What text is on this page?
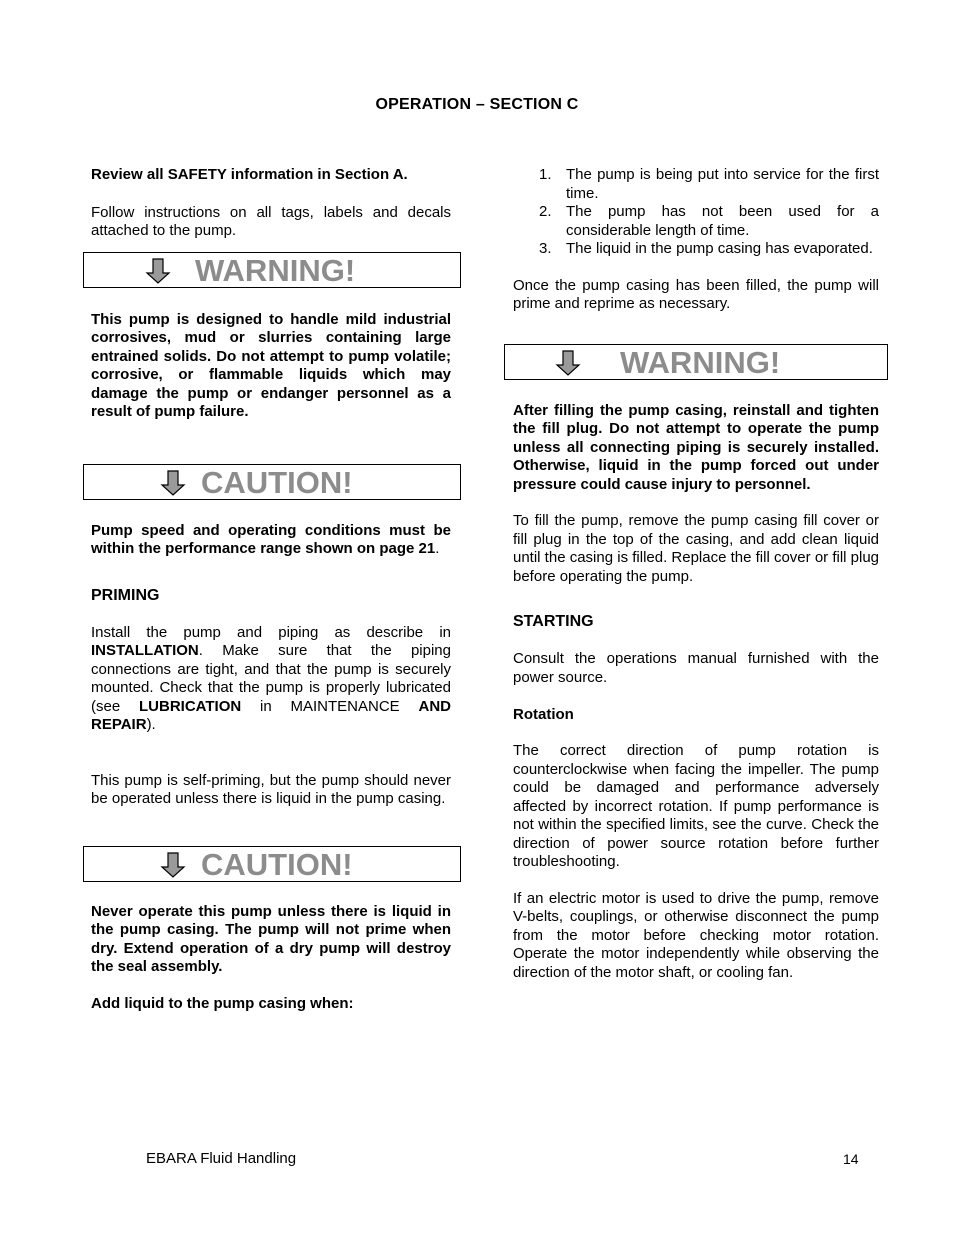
OPERATION – SECTION C

Review all SAFETY information in Section A.

Follow instructions on all tags, labels and decals attached to the pump.

WARNING!

This pump is designed to handle mild industrial corrosives, mud or slurries containing large entrained solids. Do not attempt to pump volatile; corrosive, or flammable liquids which may damage the pump or endanger personnel as a result of pump failure.

CAUTION!

Pump speed and operating conditions must be within the performance range shown on page 21.

PRIMING

Install the pump and piping as describe in INSTALLATION. Make sure that the piping connections are tight, and that the pump is securely mounted. Check that the pump is properly lubricated (see LUBRICATION in MAINTENANCE AND REPAIR).

This pump is self-priming, but the pump should never be operated unless there is liquid in the pump casing.

CAUTION!

Never operate this pump unless there is liquid in the pump casing. The pump will not prime when dry. Extend operation of a dry pump will destroy the seal assembly.

Add liquid to the pump casing when:

1. The pump is being put into service for the first time.
2. The pump has not been used for a considerable length of time.
3. The liquid in the pump casing has evaporated.

Once the pump casing has been filled, the pump will prime and reprime as necessary.

WARNING!

After filling the pump casing, reinstall and tighten the fill plug. Do not attempt to operate the pump unless all connecting piping is securely installed. Otherwise, liquid in the pump forced out under pressure could cause injury to personnel.

To fill the pump, remove the pump casing fill cover or fill plug in the top of the casing, and add clean liquid until the casing is filled. Replace the fill cover or fill plug before operating the pump.

STARTING

Consult the operations manual furnished with the power source.

Rotation

The correct direction of pump rotation is counterclockwise when facing the impeller. The pump could be damaged and performance adversely affected by incorrect rotation. If pump performance is not within the specified limits, see the curve. Check the direction of power source rotation before further troubleshooting.

If an electric motor is used to drive the pump, remove V-belts, couplings, or otherwise disconnect the pump from the motor before checking motor rotation. Operate the motor independently while observing the direction of the motor shaft, or cooling fan.

EBARA Fluid Handling	14
